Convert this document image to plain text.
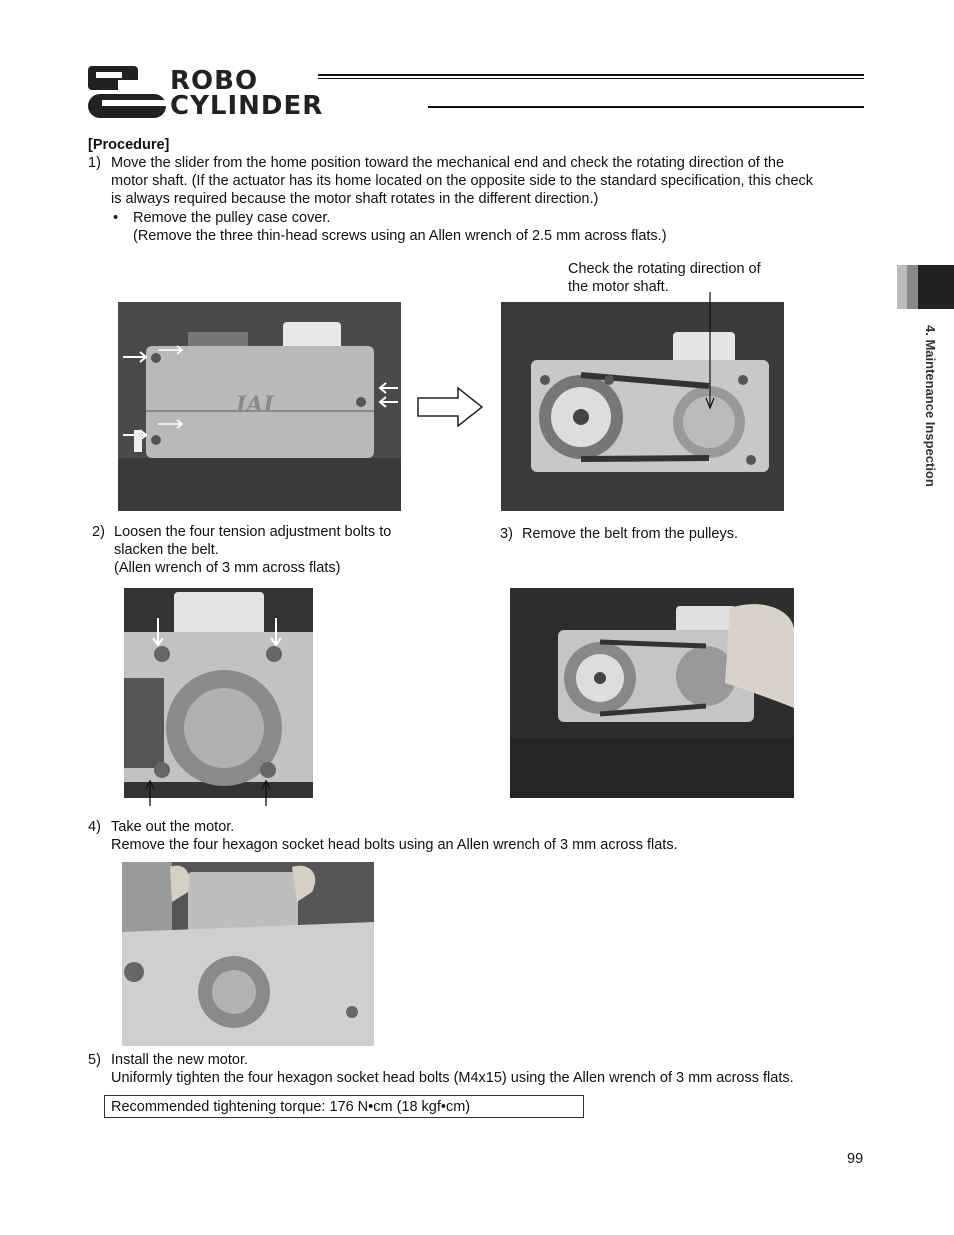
ROBO
CYLINDER
4. Maintenance Inspection
[Procedure]
1) Move the slider from the home position toward the mechanical end and check the rotating direction of the
motor shaft. (If the actuator has its home located on the opposite side to the standard specification, this check
is always required because the motor shaft rotates in the different direction.)
• Remove the pulley case cover.
(Remove the three thin-head screws using an Allen wrench of 2.5 mm across flats.)
Check the rotating direction of
the motor shaft.
IAI
2) Loosen the four tension adjustment bolts to
slacken the belt.
(Allen wrench of 3 mm across flats)
3) Remove the belt from the pulleys.
4) Take out the motor.
Remove the four hexagon socket head bolts using an Allen wrench of 3 mm across flats.
5) Install the new motor.
Uniformly tighten the four hexagon socket head bolts (M4x15) using the Allen wrench of 3 mm across flats.
Recommended tightening torque: 176 N•cm (18 kgf•cm)
99
